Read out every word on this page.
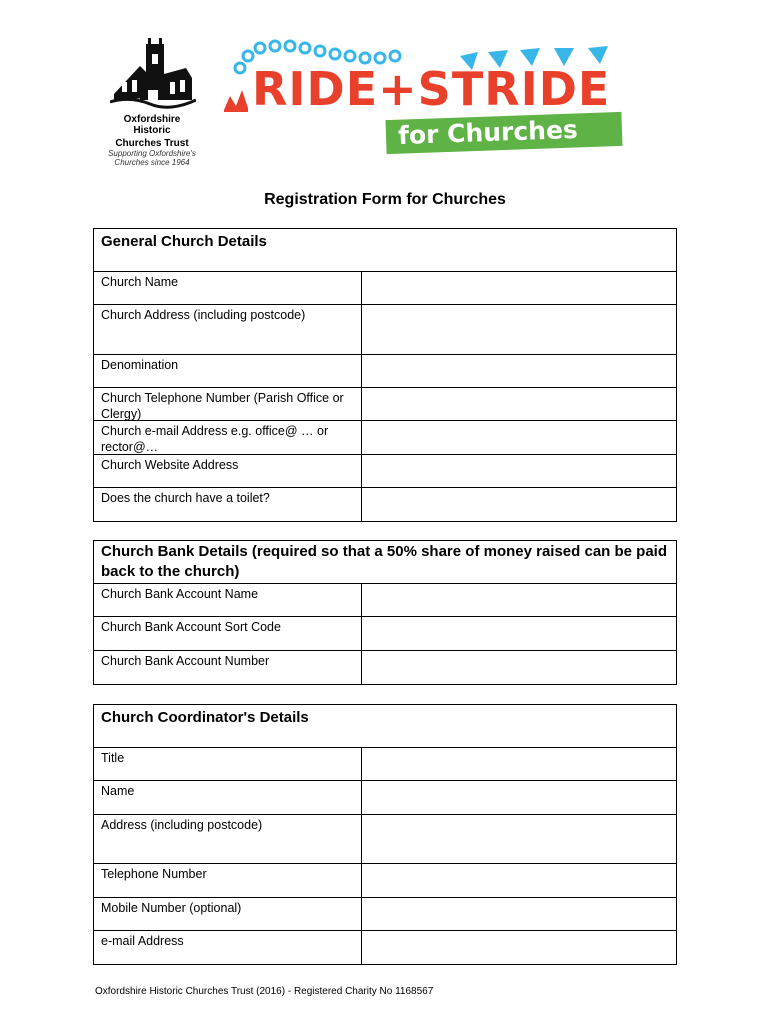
Oxfordshire Historic
Churches Trust
Supporting Oxfordshire's
Churches since 1964
RIDE+STRIDE
for Churches
Registration Form for Churches
General Church Details
Church Name
Church Address (including postcode)
Denomination
Church Telephone Number (Parish Office or Clergy)
Church e-mail Address e.g. office@ … or rector@…
Church Website Address
Does the church have a toilet?
Church Bank Details (required so that a 50% share of money raised can be paid back to the church)
Church Bank Account Name
Church Bank Account Sort Code
Church Bank Account Number
Church Coordinator's Details
Title
Name
Address (including postcode)
Telephone Number
Mobile Number (optional)
e-mail Address
Oxfordshire Historic Churches Trust (2016) - Registered Charity No 1168567
